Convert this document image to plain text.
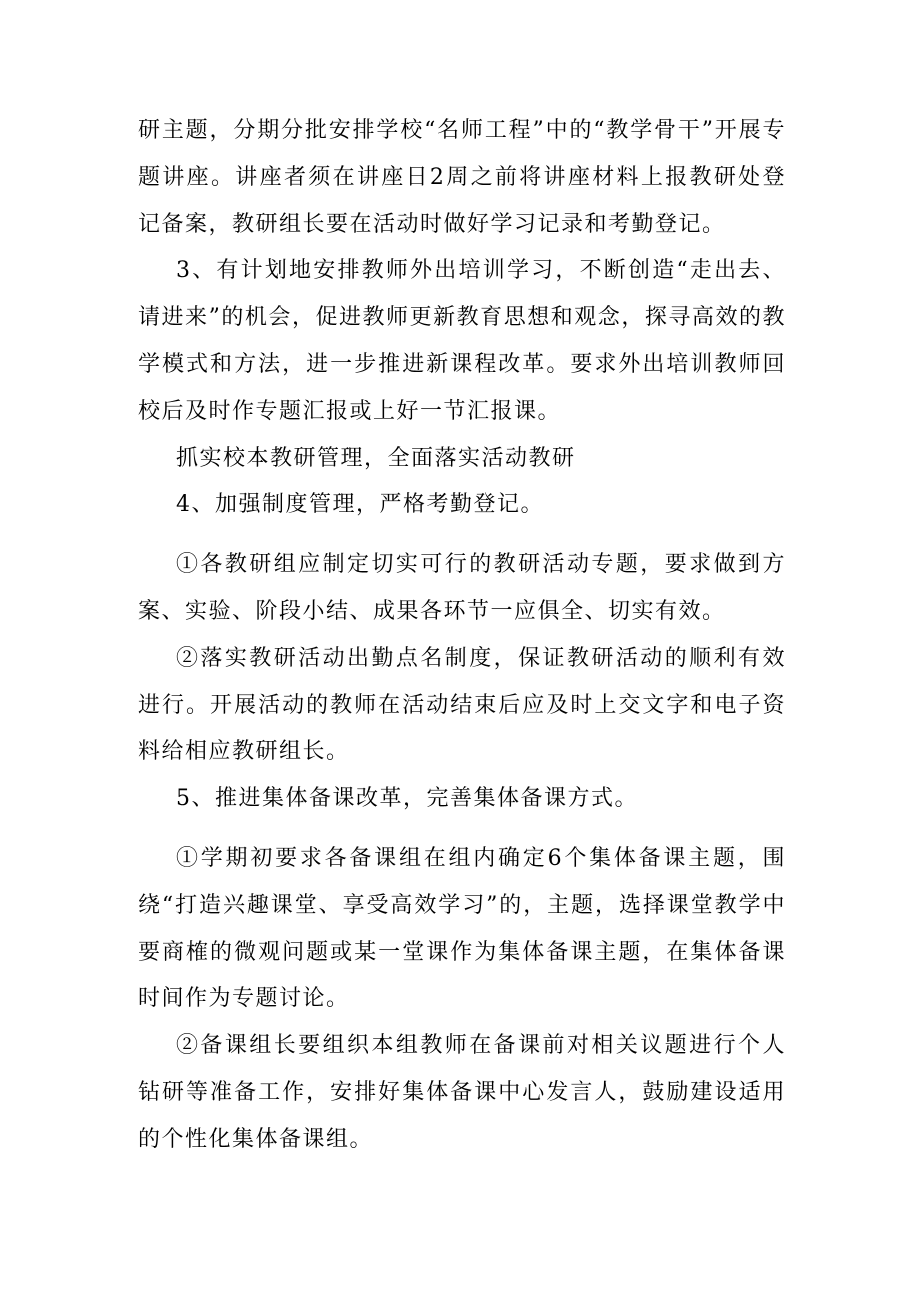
研主题，分期分批安排学校“名师工程”中的“教学骨干”开展专题讲座。讲座者须在讲座日2周之前将讲座材料上报教研处登记备案，教研组长要在活动时做好学习记录和考勤登记。

3、有计划地安排教师外出培训学习，不断创造“走出去、请进来”的机会，促进教师更新教育思想和观念，探寻高效的教学模式和方法，进一步推进新课程改革。要求外出培训教师回校后及时作专题汇报或上好一节汇报课。

抓实校本教研管理，全面落实活动教研

4、加强制度管理，严格考勤登记。

①各教研组应制定切实可行的教研活动专题，要求做到方案、实验、阶段小结、成果各环节一应俱全、切实有效。

②落实教研活动出勤点名制度，保证教研活动的顺利有效进行。开展活动的教师在活动结束后应及时上交文字和电子资料给相应教研组长。

5、推进集体备课改革，完善集体备课方式。

①学期初要求各备课组在组内确定6个集体备课主题，围绕“打造兴趣课堂、享受高效学习”的，主题，选择课堂教学中要商榷的微观问题或某一堂课作为集体备课主题，在集体备课时间作为专题讨论。

②备课组长要组织本组教师在备课前对相关议题进行个人钻研等准备工作，安排好集体备课中心发言人，鼓励建设适用的个性化集体备课组。
